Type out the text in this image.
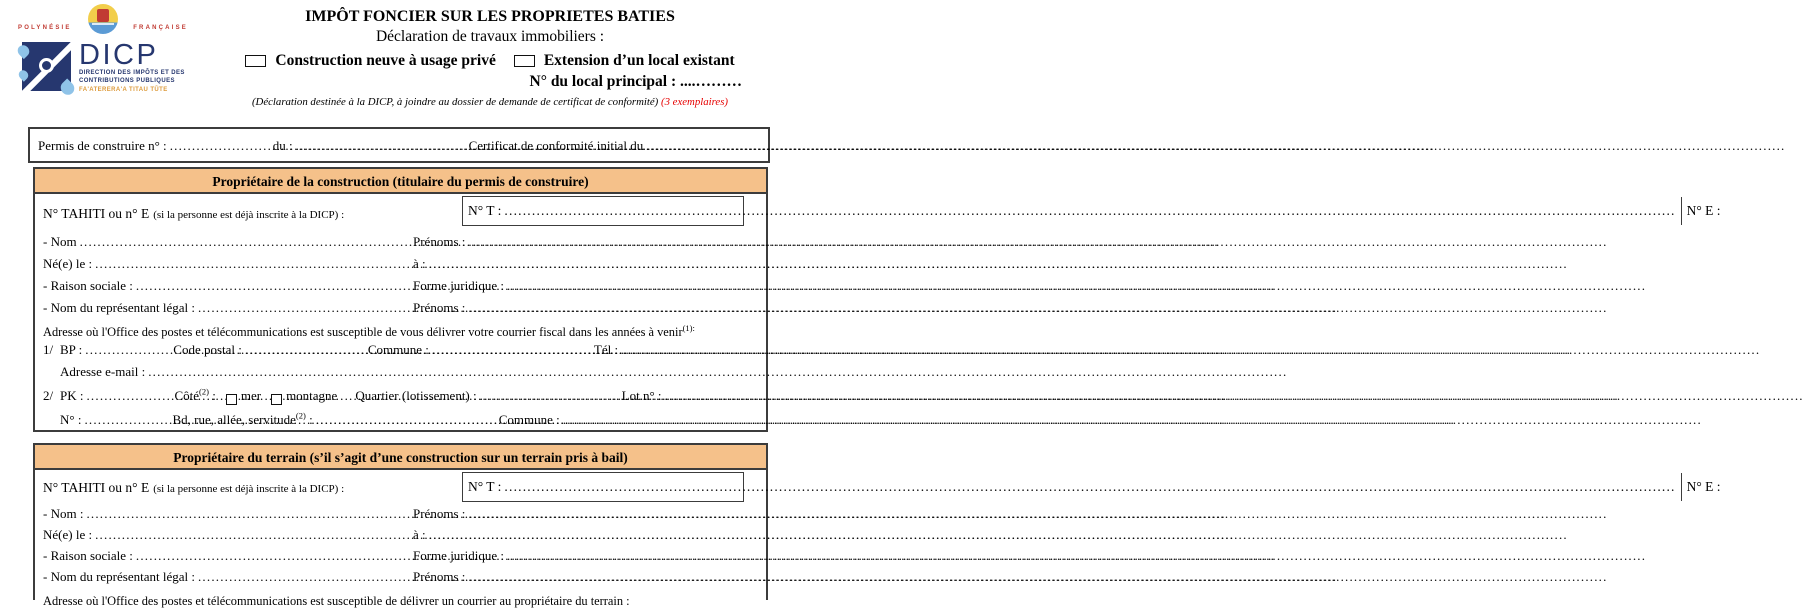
POLYNÉSIE	FRANÇAISE
DICP
DIRECTION DES IMPÔTS ET DES
CONTRIBUTIONS PUBLIQUES
FA'ATERERA'A TITAU TŪTE
IMPÔT FONCIER SUR LES PROPRIETES BATIES
Déclaration de travaux immobiliers :
Construction neuve à usage privé	Extension d’un local existant
N° du local principal : ....………
(Déclaration destinée à la DICP, à joindre au dossier de demande de certificat de conformité) (3 exemplaires)
Permis de construire n° : .....	du : .....	Certificat de conformité initial du
.....
Propriétaire de la construction (titulaire du permis de construire)
N° TAHITI ou n° E (si la personne est déjà inscrite à la DICP) :	N° T : .....	N° E :
- Nom .....	Prénoms :
.....
Né(e) le : .....	à :
.....
- Raison sociale : .....	Forme juridique :
.....
- Nom du représentant légal : .....	Prénoms :
.....
Adresse où l'Office des postes et télécommunications est susceptible de vous délivrer votre courrier fiscal dans les années à venir$^{(1):}$
1/ BP : .....	Code postal : .....	Commune : .....	Tél :
.....
Adresse e-mail :
.....
2/ PK : .....	Côté$^{(2)}$ : mer montagne Quartier (lotissement) : .....	Lot n° :
.....
N° : .....	Bd, rue, allée, servitude$^{(2)}$ : .....	Commune :
.....
Propriétaire du terrain (s’il s’agit d’une construction sur un terrain pris à bail)
N° TAHITI ou n° E (si la personne est déjà inscrite à la DICP) :	N° T : .....	N° E :
- Nom : .....	Prénoms :
.....
Né(e) le : .....	à :
.....
- Raison sociale : .....	Forme juridique :
.....
- Nom du représentant légal : .....	Prénoms :
.....
Adresse où l'Office des postes et télécommunications est susceptible de délivrer un courrier au propriétaire du terrain :
